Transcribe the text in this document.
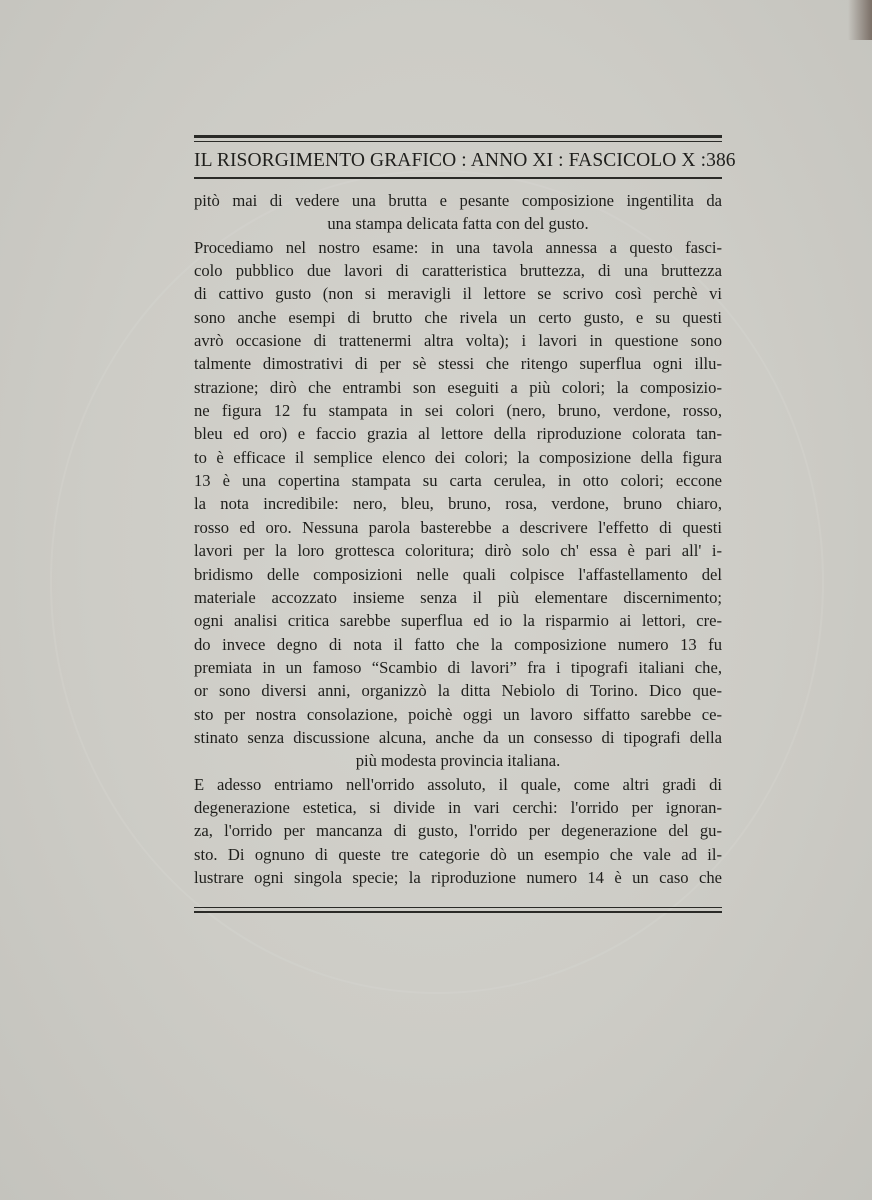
IL RISORGIMENTO GRAFICO : ANNO XI : FASCICOLO X : 386
pitò mai di vedere una brutta e pesante composizione ingentilita da
una stampa delicata fatta con del gusto.
Procediamo nel nostro esame: in una tavola annessa a questo fasci-
colo pubblico due lavori di caratteristica bruttezza, di una bruttezza
di cattivo gusto (non si meravigli il lettore se scrivo così perchè vi
sono anche esempi di brutto che rivela un certo gusto, e su questi
avrò occasione di trattenermi altra volta); i lavori in questione sono
talmente dimostrativi di per sè stessi che ritengo superflua ogni illu-
strazione; dirò che entrambi son eseguiti a più colori; la composizio-
ne figura 12 fu stampata in sei colori (nero, bruno, verdone, rosso,
bleu ed oro) e faccio grazia al lettore della riproduzione colorata tan-
to è efficace il semplice elenco dei colori; la composizione della figura
13 è una copertina stampata su carta cerulea, in otto colori; eccone
la nota incredibile: nero, bleu, bruno, rosa, verdone, bruno chiaro,
rosso ed oro. Nessuna parola basterebbe a descrivere l'effetto di questi
lavori per la loro grottesca coloritura; dirò solo ch' essa è pari all' i-
bridismo delle composizioni nelle quali colpisce l'affastellamento del
materiale accozzato insieme senza il più elementare discernimento;
ogni analisi critica sarebbe superflua ed io la risparmio ai lettori, cre-
do invece degno di nota il fatto che la composizione numero 13 fu
premiata in un famoso “Scambio di lavori” fra i tipografi italiani che,
or sono diversi anni, organizzò la ditta Nebiolo di Torino. Dico que-
sto per nostra consolazione, poichè oggi un lavoro siffatto sarebbe ce-
stinato senza discussione alcuna, anche da un consesso di tipografi della
più modesta provincia italiana.
E adesso entriamo nell'orrido assoluto, il quale, come altri gradi di
degenerazione estetica, si divide in vari cerchi: l'orrido per ignoran-
za, l'orrido per mancanza di gusto, l'orrido per degenerazione del gu-
sto. Di ognuno di queste tre categorie dò un esempio che vale ad il-
lustrare ogni singola specie; la riproduzione numero 14 è un caso che
